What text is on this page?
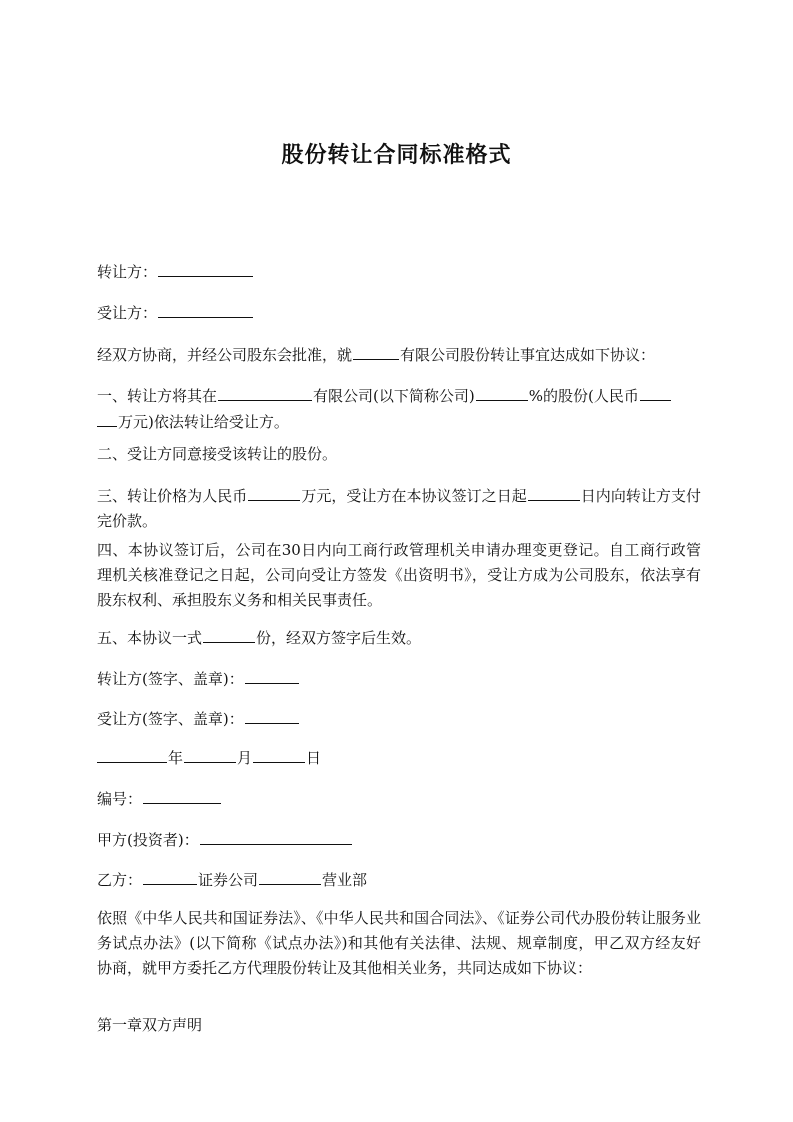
股份转让合同标准格式
转让方：
受让方：
经双方协商，并经公司股东会批准，就	有限公司股份转让事宜达成如下协议：
一、转让方将其在	有限公司(以下简称公司)	%的股份(人民币
万元)依法转让给受让方。
二、受让方同意接受该转让的股份。
三、转让价格为人民币	万元，受让方在本协议签订之日起	日内向转让方支付完价款。
四、本协议签订后，公司在30日内向工商行政管理机关申请办理变更登记。自工商行政管理机关核准登记之日起，公司向受让方签发《出资明书》，受让方成为公司股东，依法享有股东权利、承担股东义务和相关民事责任。
五、本协议一式	份，经双方签字后生效。
转让方(签字、盖章)：
受让方(签字、盖章)：
年	月	日
编号：
甲方(投资者)：
乙方：	证券公司	营业部
依照《中华人民共和国证券法》、《中华人民共和国合同法》、《证券公司代办股份转让服务业务试点办法》(以下简称《试点办法》)和其他有关法律、法规、规章制度，甲乙双方经友好协商，就甲方委托乙方代理股份转让及其他相关业务，共同达成如下协议：
第一章双方声明
